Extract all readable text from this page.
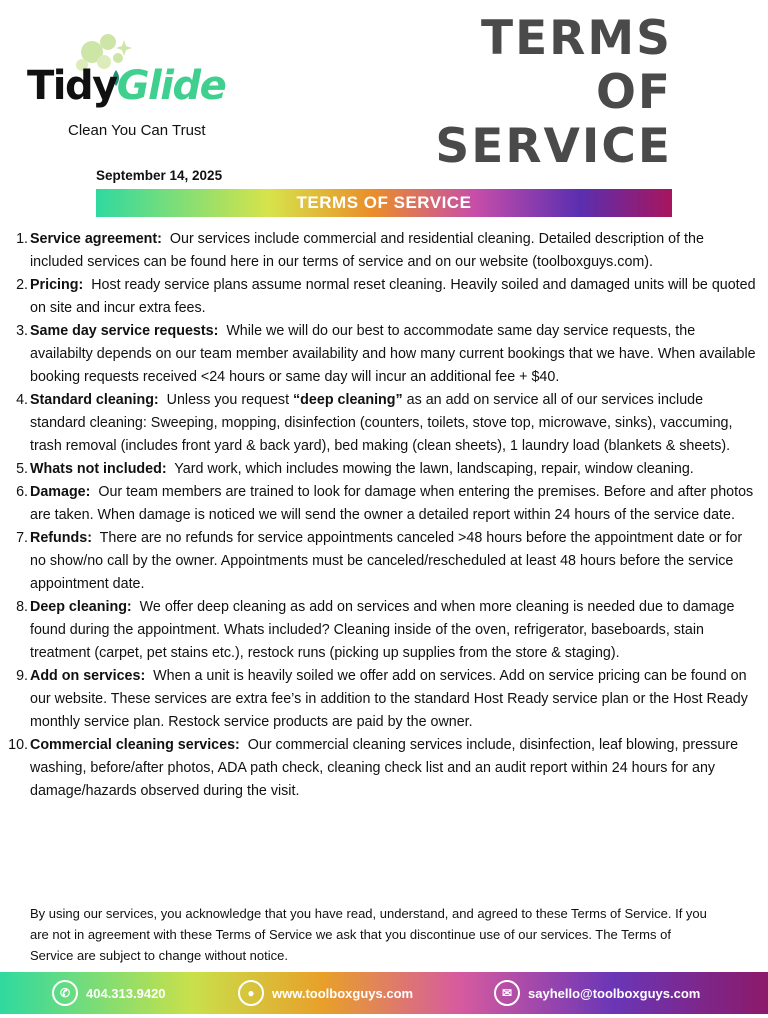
TidyGlide
Clean You Can Trust
TERMS
OF
SERVICE
September 14, 2025
TERMS OF SERVICE
1. Service agreement: Our services include commercial and residential cleaning. Detailed description of the included services can be found here in our terms of service and on our website (toolboxguys.com).
2. Pricing: Host ready service plans assume normal reset cleaning. Heavily soiled and damaged units will be quoted on site and incur extra fees.
3. Same day service requests: While we will do our best to accommodate same day service requests, the availabilty depends on our team member availability and how many current bookings that we have. When available booking requests received <24 hours or same day will incur an additional fee + $40.
4. Standard cleaning: Unless you request “deep cleaning” as an add on service all of our services include standard cleaning: Sweeping, mopping, disinfection (counters, toilets, stove top, microwave, sinks), vaccuming, trash removal (includes front yard & back yard), bed making (clean sheets), 1 laundry load (blankets & sheets).
5. Whats not included: Yard work, which includes mowing the lawn, landscaping, repair, window cleaning.
6. Damage: Our team members are trained to look for damage when entering the premises. Before and after photos are taken. When damage is noticed we will send the owner a detailed report within 24 hours of the service date.
7. Refunds: There are no refunds for service appointments canceled >48 hours before the appointment date or for no show/no call by the owner. Appointments must be canceled/rescheduled at least 48 hours before the service appointment date.
8. Deep cleaning: We offer deep cleaning as add on services and when more cleaning is needed due to damage found during the appointment. Whats included? Cleaning inside of the oven, refrigerator, baseboards, stain treatment (carpet, pet stains etc.), restock runs (picking up supplies from the store & staging).
9. Add on services: When a unit is heavily soiled we offer add on services. Add on service pricing can be found on our website. These services are extra fee’s in addition to the standard Host Ready service plan or the Host Ready monthly service plan. Restock service products are paid by the owner.
10. Commercial cleaning services: Our commercial cleaning services include, disinfection, leaf blowing, pressure washing, before/after photos, ADA path check, cleaning check list and an audit report within 24 hours for any damage/hazards observed during the visit.

By using our services, you acknowledge that you have read, understand, and agreed to these Terms of Service. If you are not in agreement with these Terms of Service we ask that you discontinue use of our services. The Terms of Service are subject to change without notice.

✆	404.313.9420	●	www.toolboxguys.com	✉	sayhello@toolboxguys.com
